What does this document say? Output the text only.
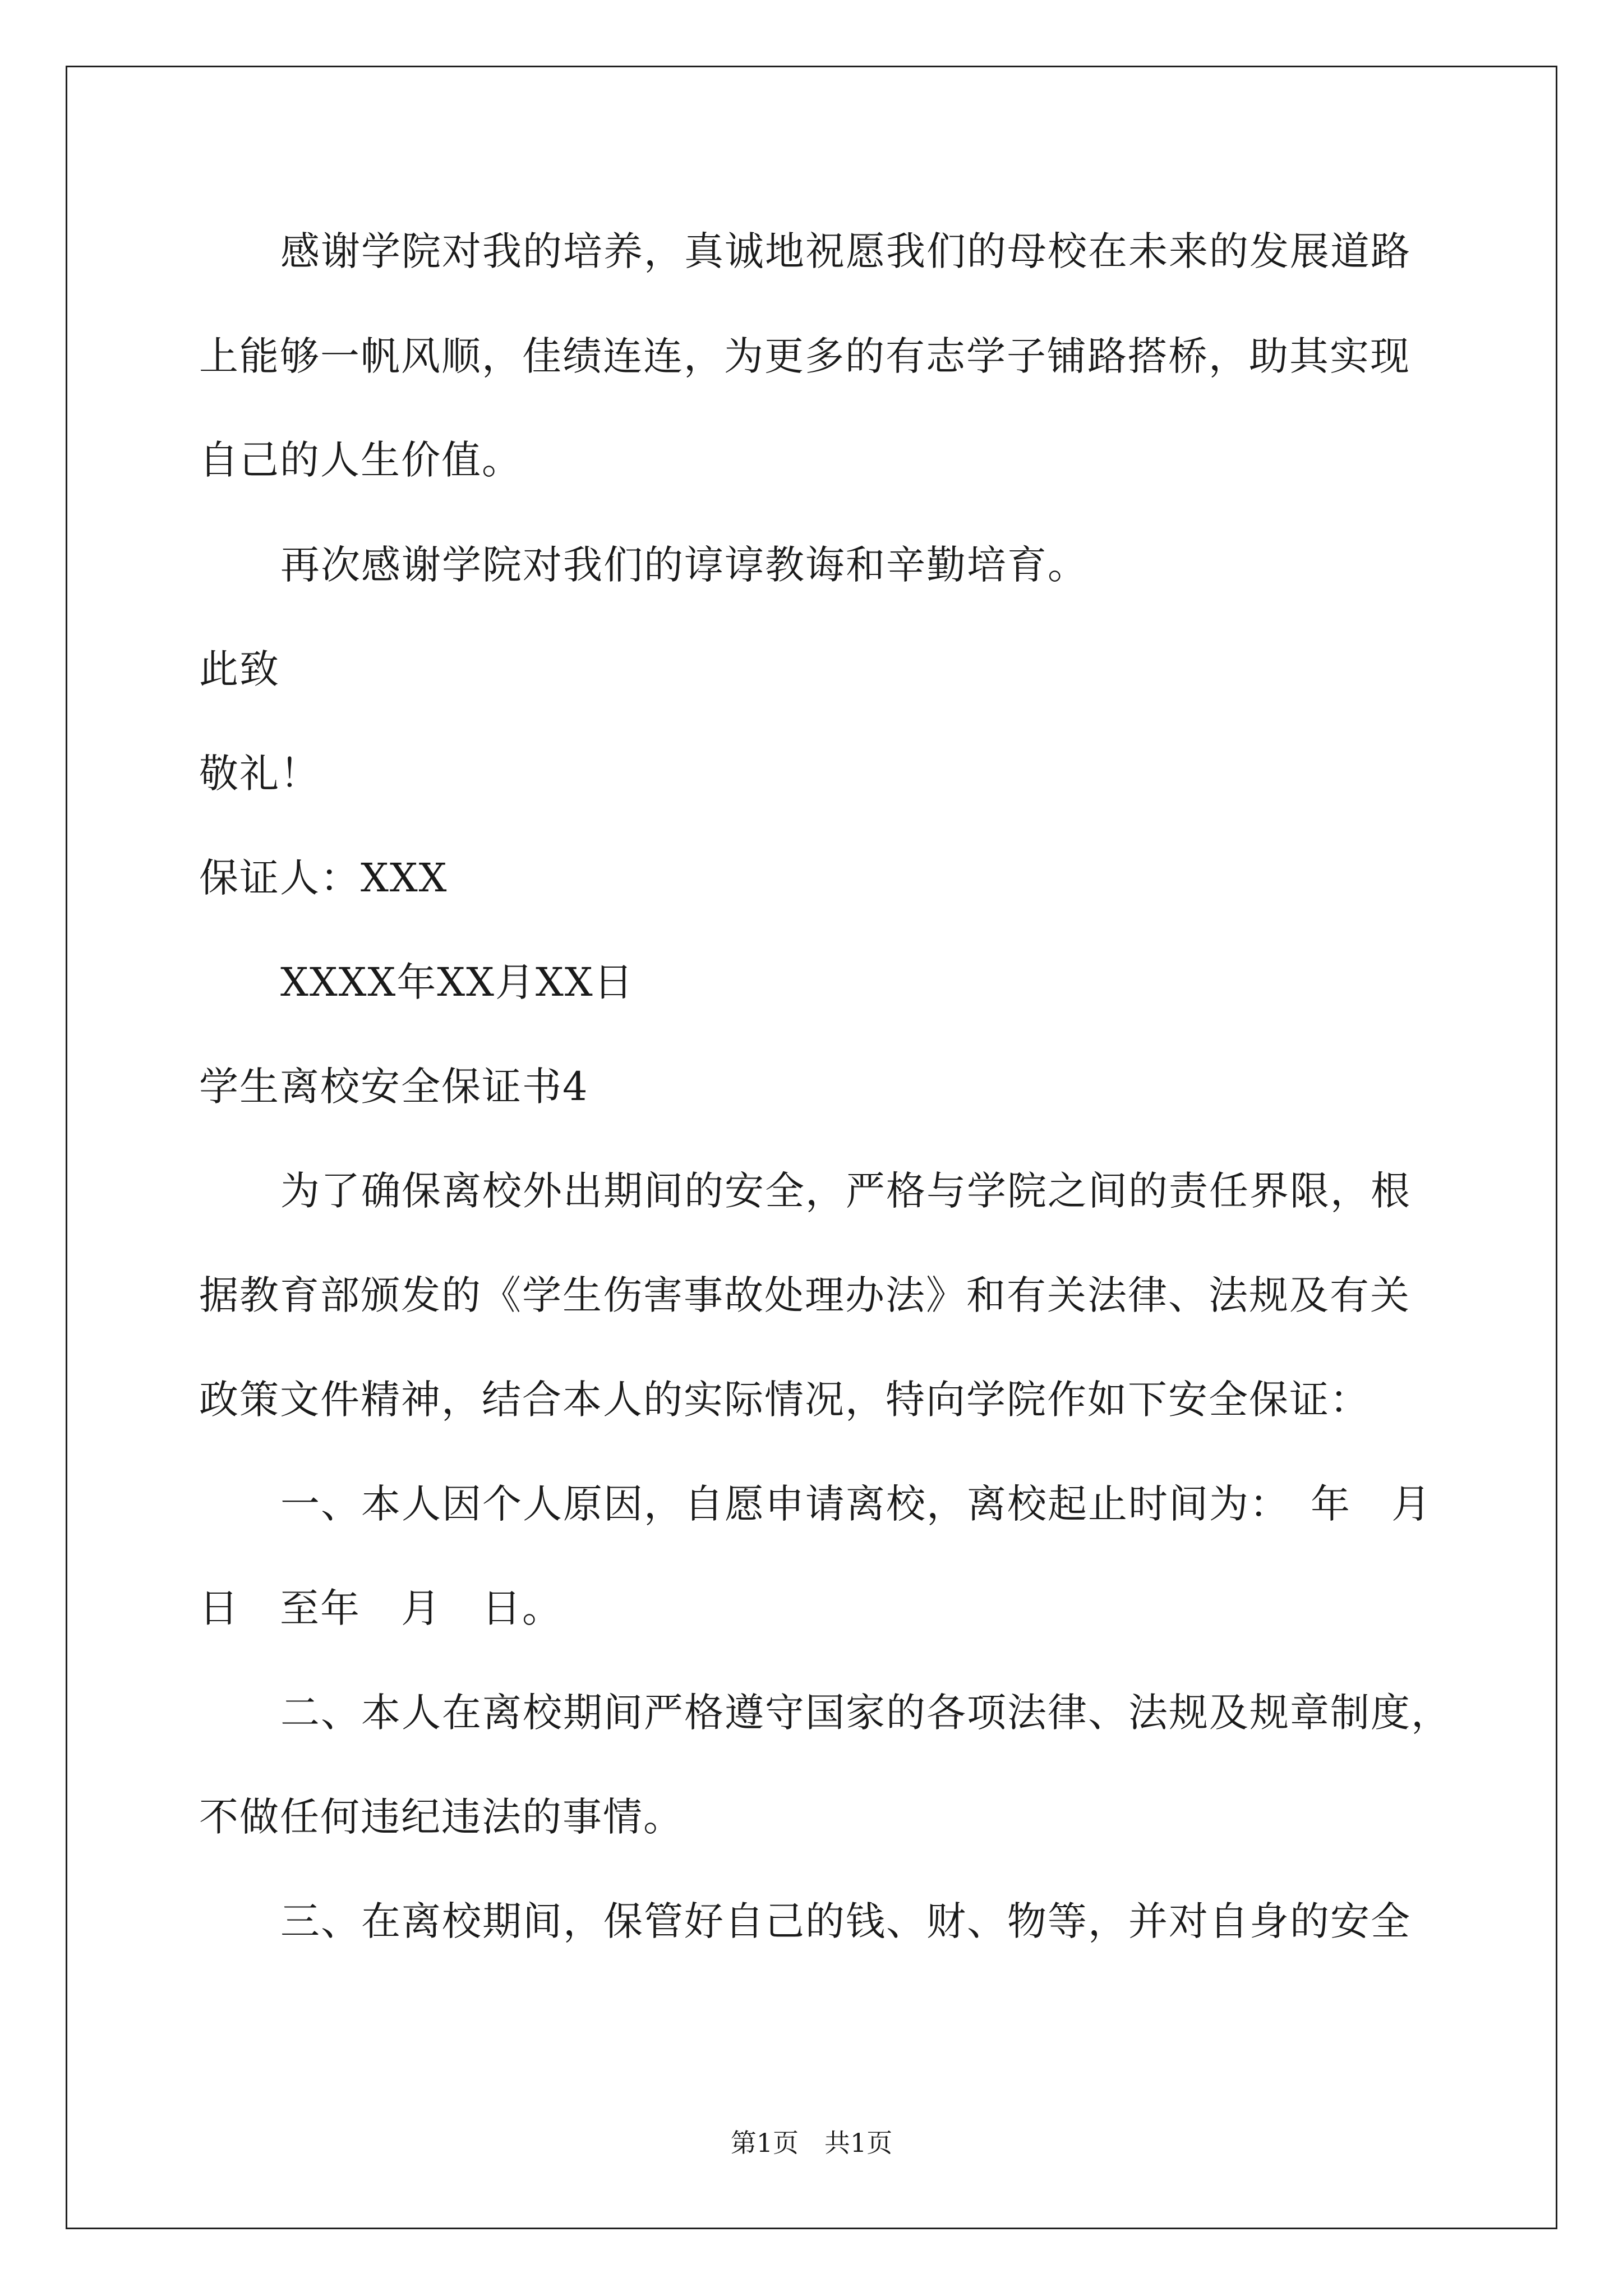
感谢学院对我的培养，真诚地祝愿我们的母校在未来的发展道路
上能够一帆风顺，佳绩连连，为更多的有志学子铺路搭桥，助其实现
自己的人生价值。
再次感谢学院对我们的谆谆教诲和辛勤培育。
此致
敬礼！
保证人：XXX
XXXX年XX月XX日
学生离校安全保证书4
为了确保离校外出期间的安全，严格与学院之间的责任界限，根
据教育部颁发的《学生伤害事故处理办法》和有关法律、法规及有关
政策文件精神，结合本人的实际情况，特向学院作如下安全保证：
一、本人因个人原因，自愿申请离校，离校起止时间为：　年　月
日　至年　月　日。
二、本人在离校期间严格遵守国家的各项法律、法规及规章制度，
不做任何违纪违法的事情。
三、在离校期间，保管好自己的钱、财、物等，并对自身的安全
第1页　共1页
